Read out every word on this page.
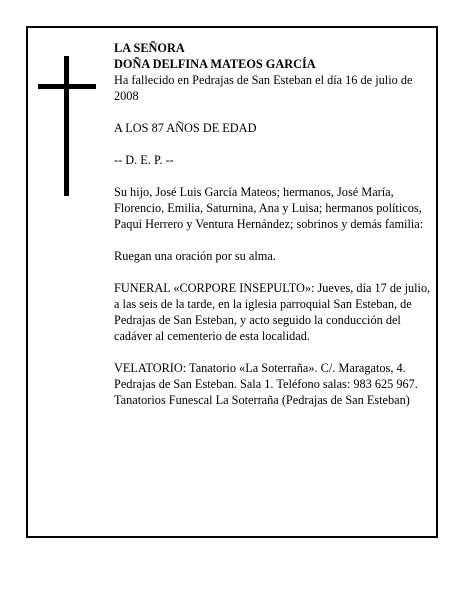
LA SEÑORA

DOÑA DELFINA MATEOS GARCÍA

Ha fallecido en Pedrajas de San Esteban el día 16 de julio de 2008

A LOS 87 AÑOS DE EDAD

-- D. E. P. --

Su hijo, José Luis García Mateos; hermanos, José María, Florencio, Emilia, Saturnina, Ana y Luisa; hermanos políticos, Paqui Herrero y Ventura Hernández; sobrinos y demás familia:

Ruegan una oración por su alma.

FUNERAL «CORPORE INSEPULTO»: Jueves, día 17 de julio, a las seis de la tarde, en la iglesia parroquial San Esteban, de Pedrajas de San Esteban, y acto seguido la conducción del cadáver al cementerio de esta localidad.

VELATORIO: Tanatorio «La Soterraña». C/. Maragatos, 4. Pedrajas de San Esteban. Sala 1. Teléfono salas: 983 625 967.

Tanatorios Funescal La Soterraña (Pedrajas de San Esteban)
